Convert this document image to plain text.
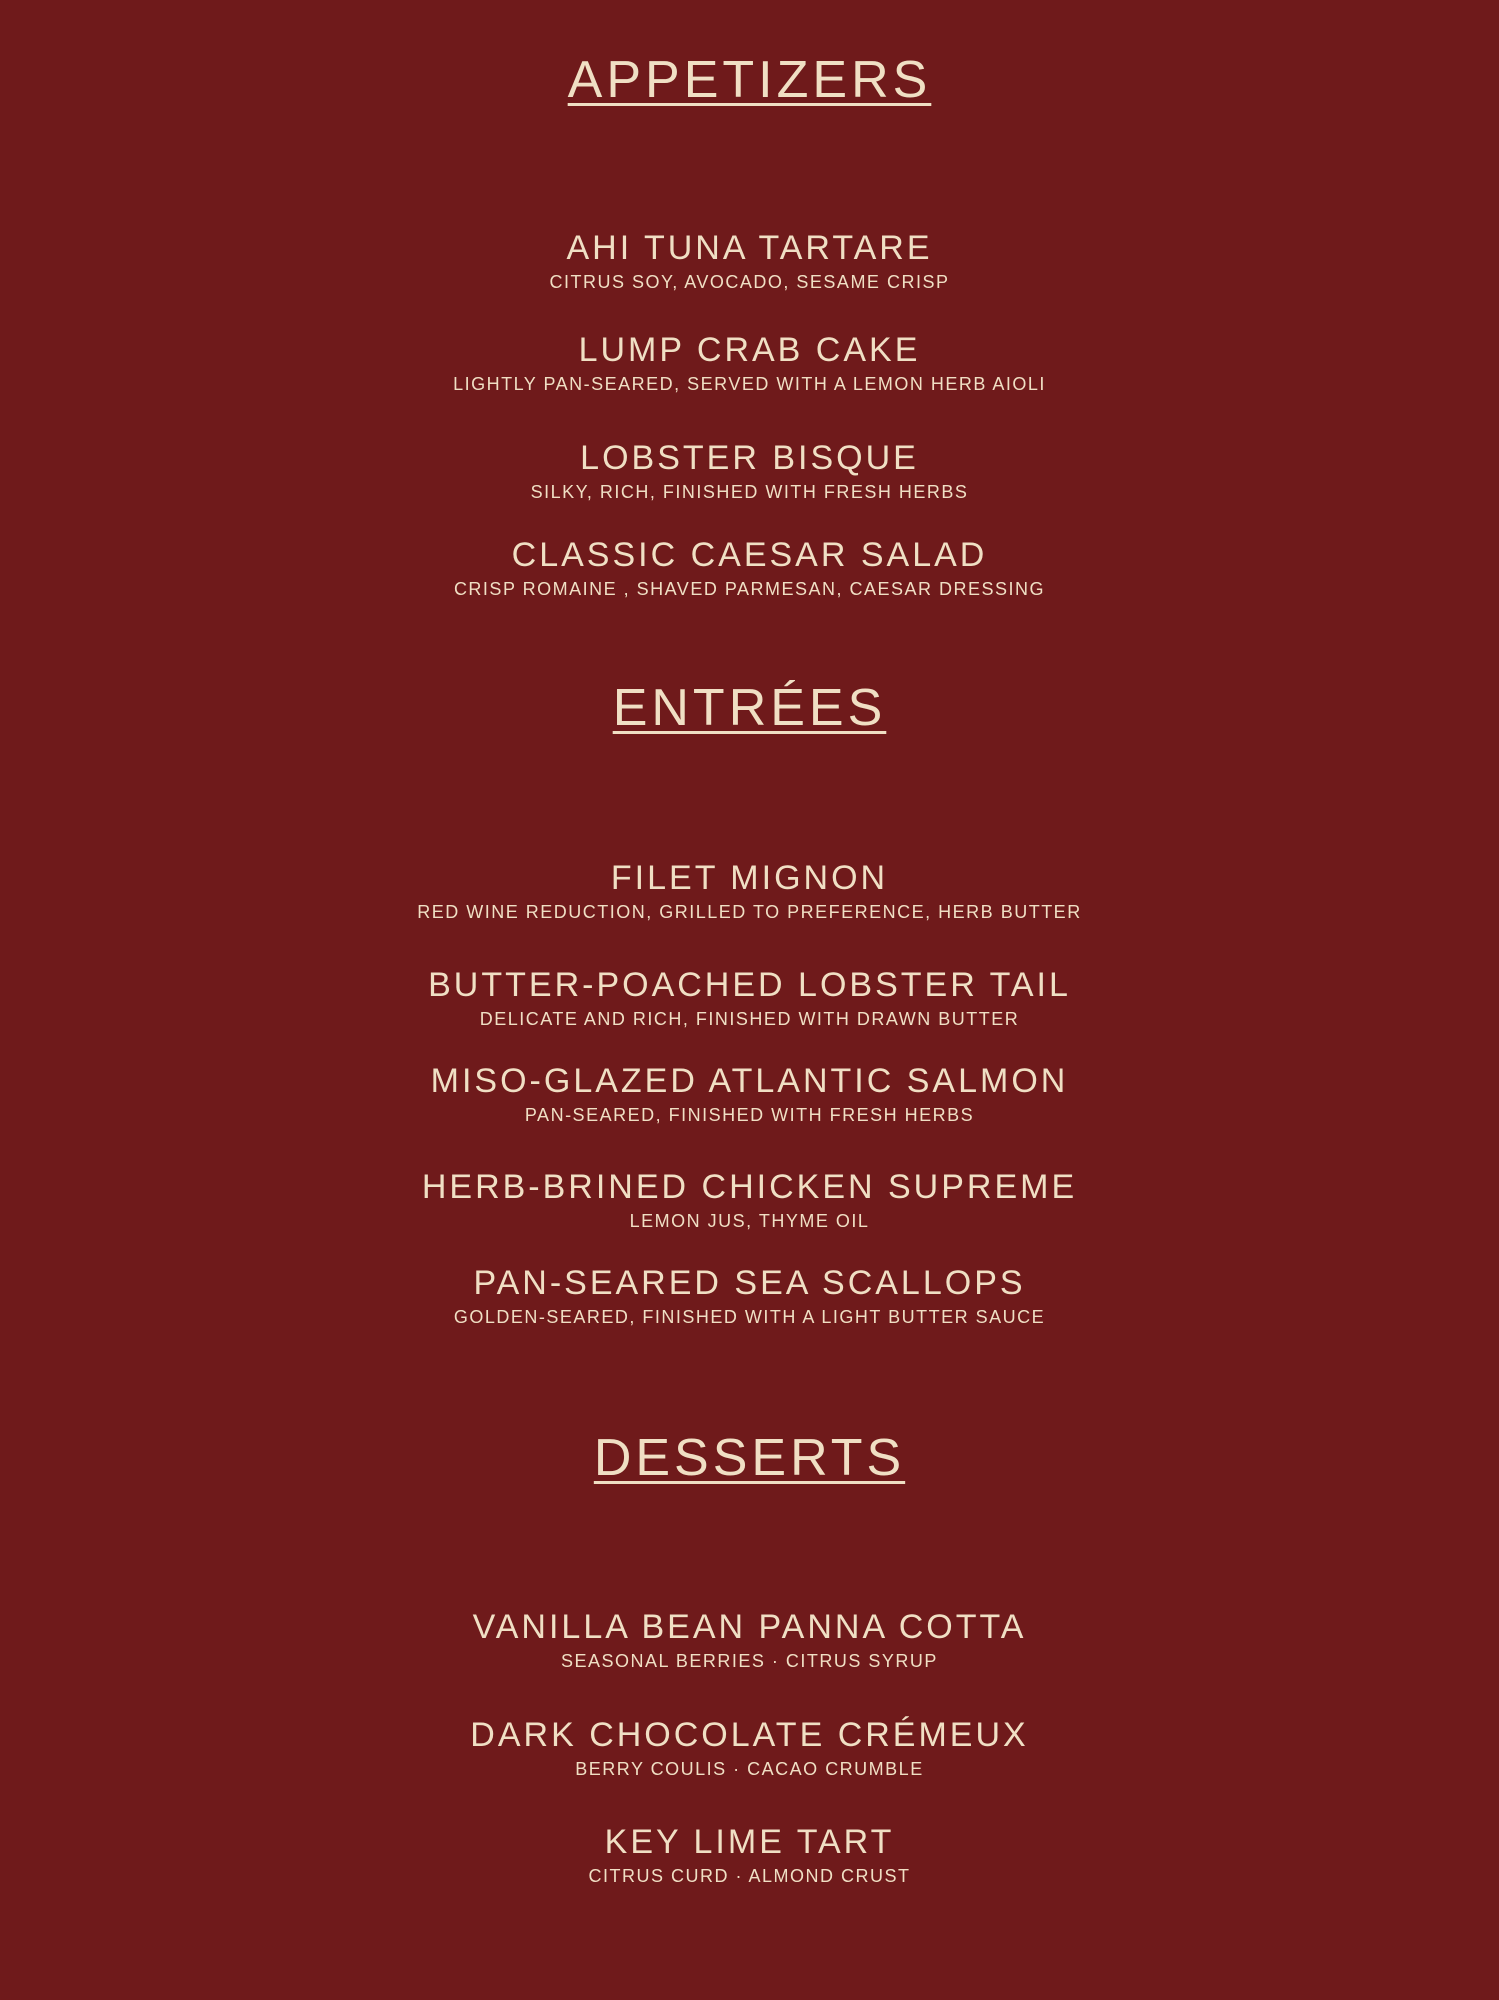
APPETIZERS
AHI TUNA TARTARE
CITRUS SOY, AVOCADO, SESAME CRISP
LUMP CRAB CAKE
LIGHTLY PAN-SEARED, SERVED WITH A LEMON HERB AIOLI
LOBSTER BISQUE
SILKY, RICH, FINISHED WITH FRESH HERBS
CLASSIC CAESAR SALAD
CRISP ROMAINE , SHAVED PARMESAN, CAESAR DRESSING
ENTRÉES
FILET MIGNON
RED WINE REDUCTION, GRILLED TO PREFERENCE, HERB BUTTER
BUTTER-POACHED LOBSTER TAIL
DELICATE AND RICH, FINISHED WITH DRAWN BUTTER
MISO-GLAZED ATLANTIC SALMON
PAN-SEARED, FINISHED WITH FRESH HERBS
HERB-BRINED CHICKEN SUPREME
LEMON JUS, THYME OIL
PAN-SEARED SEA SCALLOPS
GOLDEN-SEARED, FINISHED WITH A LIGHT BUTTER SAUCE
DESSERTS
VANILLA BEAN PANNA COTTA
SEASONAL BERRIES · CITRUS SYRUP
DARK CHOCOLATE CRÉMEUX
BERRY COULIS · CACAO CRUMBLE
KEY LIME TART
CITRUS CURD · ALMOND CRUST
